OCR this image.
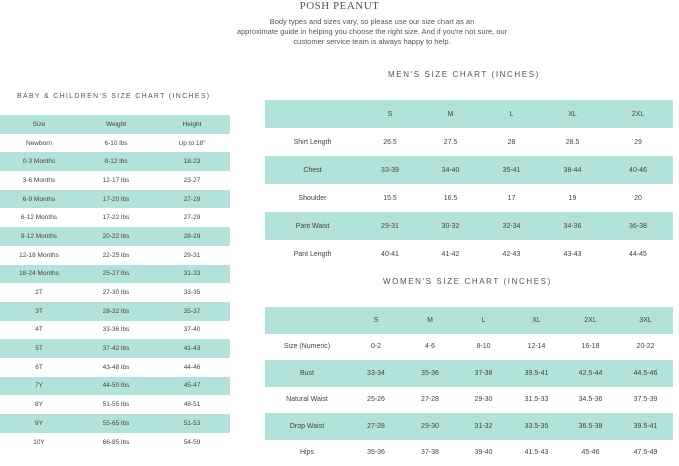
POSH PEANUT
Body types and sizes vary, so please use our size chart as an
approximate guide in helping you choose the right size. And if you're not sure, our
customer service team is always happy to help.
BABY & CHILDREN'S SIZE CHART (INCHES)
Size	Weight	Height
Newborn	6-10 lbs	Up to 18"
0-3 Months	8-12 lbs	18-23
3-6 Months	12-17 lbs	23-27
6-9 Months	17-20 lbs	27-29
6-12 Months	17-22 lbs	27-29
9-12 Months	20-22 lbs	28-29
12-18 Months	22-25 lbs	29-31
18-24 Months	25-27 lbs	31-33
2T	27-30 lbs	33-35
3T	28-32 lbs	35-37
4T	33-36 lbs	37-40
5T	37-42 lbs	41-43
6T	43-48 lbs	44-46
7Y	44-50 lbs	45-47
8Y	51-55 lbs	48-51
9Y	55-65 lbs	51-53
10Y	66-85 lbs	54-59
MEN'S SIZE CHART (INCHES)
	S	M	L	XL	2XL
Shirt Length	26.5	27.5	28	28.5	29
Chest	33-39	34-40	35-41	38-44	40-46
Shoulder	15.5	16.5	17	19	20
Pant Waist	29-31	30-32	32-34	34-36	36-38
Pant Length	40-41	41-42	42-43	43-43	44-45
WOMEN'S SIZE CHART (INCHES)
	S	M	L	XL	2XL	3XL
Size (Numeric)	0-2	4-6	8-10	12-14	16-18	20-22
Bust	33-34	35-36	37-38	39.5-41	42.5-44	44.5-46
Natural Waist	25-26	27-28	29-30	31.5-33	34.5-36	37.5-39
Drop Waist	27-28	29-30	31-32	33.5-35	36.5-38	39.5-41
Hips	35-36	37-38	39-40	41.5-43	45-46	47.5-49
